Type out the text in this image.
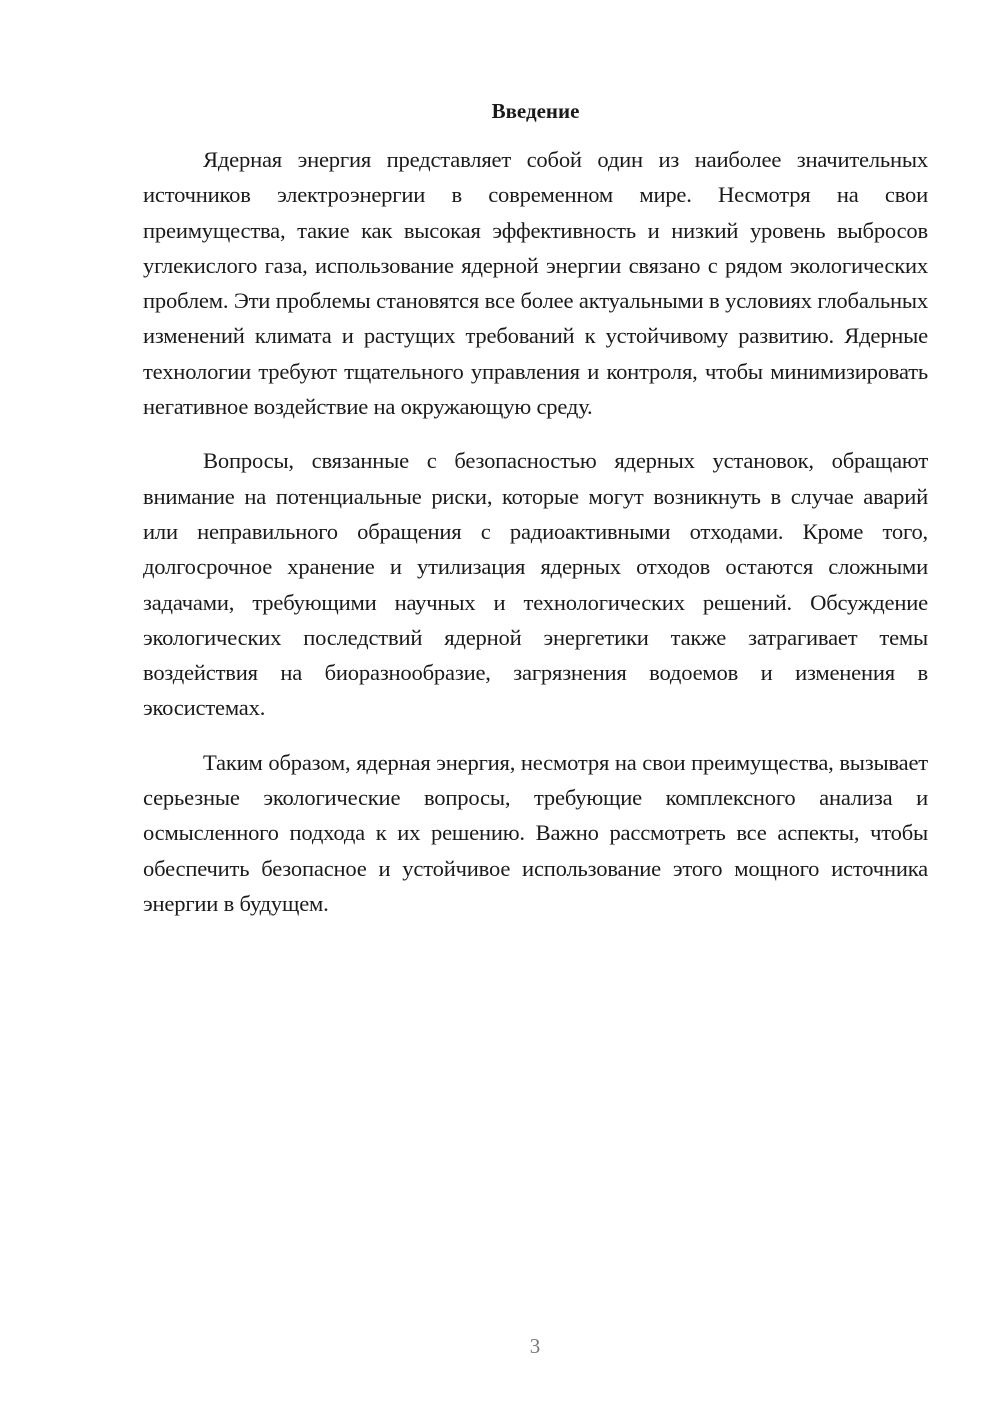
Введение

Ядерная энергия представляет собой один из наиболее значительных источников электроэнергии в современном мире. Несмотря на свои преимущества, такие как высокая эффективность и низкий уровень выбросов углекислого газа, использование ядерной энергии связано с рядом экологических проблем. Эти проблемы становятся все более актуальными в условиях глобальных изменений климата и растущих требований к устойчивому развитию. Ядерные технологии требуют тщательного управления и контроля, чтобы минимизировать негативное воздействие на окружающую среду.

Вопросы, связанные с безопасностью ядерных установок, обращают внимание на потенциальные риски, которые могут возникнуть в случае аварий или неправильного обращения с радиоактивными отходами. Кроме того, долгосрочное хранение и утилизация ядерных отходов остаются сложными задачами, требующими научных и технологических решений. Обсуждение экологических последствий ядерной энергетики также затрагивает темы воздействия на биоразнообразие, загрязнения водоемов и изменения в экосистемах.

Таким образом, ядерная энергия, несмотря на свои преимущества, вызывает серьезные экологические вопросы, требующие комплексного анализа и осмысленного подхода к их решению. Важно рассмотреть все аспекты, чтобы обеспечить безопасное и устойчивое использование этого мощного источника энергии в будущем.

3
